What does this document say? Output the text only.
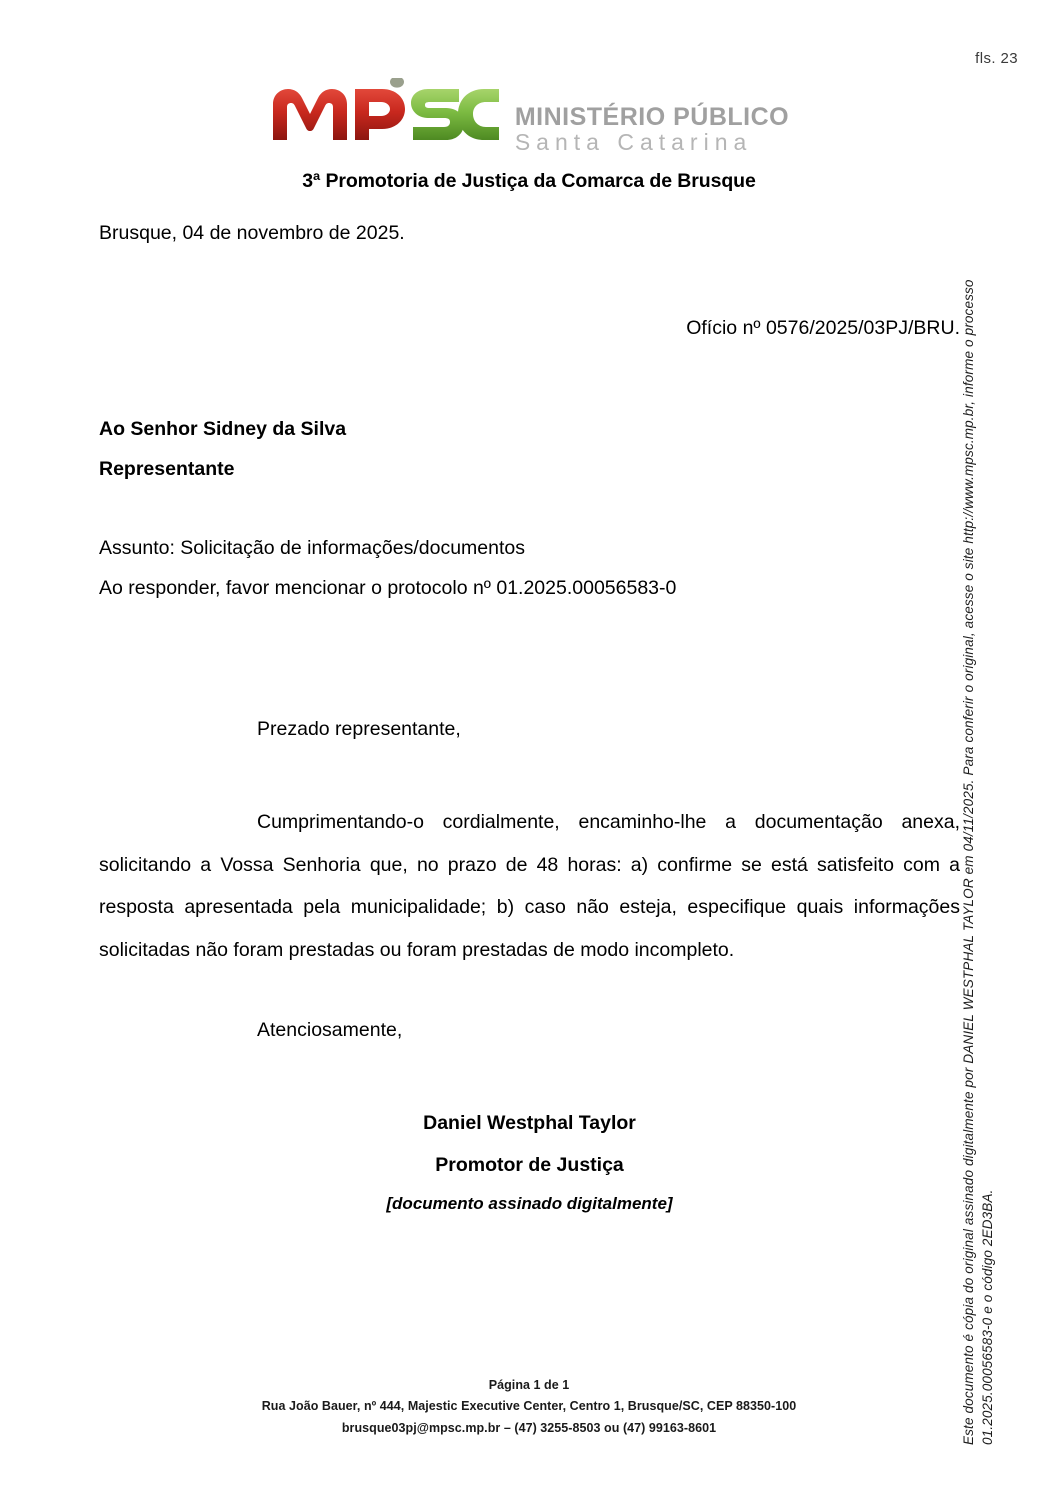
fls. 23
MINISTÉRIO PÚBLICO
Santa Catarina
3ª Promotoria de Justiça da Comarca de Brusque
Brusque, 04 de novembro de 2025.
Ofício nº 0576/2025/03PJ/BRU.
Ao Senhor Sidney da Silva
Representante
Assunto: Solicitação de informações/documentos
Ao responder, favor mencionar o protocolo nº 01.2025.00056583-0
Prezado representante,

Cumprimentando-o cordialmente, encaminho-lhe a documentação anexa, solicitando a Vossa Senhoria que, no prazo de 48 horas: a) confirme se está satisfeito com a resposta apresentada pela municipalidade; b) caso não esteja, especifique quais informações solicitadas não foram prestadas ou foram prestadas de modo incompleto.

Atenciosamente,
Daniel Westphal Taylor
Promotor de Justiça
[documento assinado digitalmente]
Página 1 de 1
Rua João Bauer, nº 444, Majestic Executive Center, Centro 1, Brusque/SC, CEP 88350-100
brusque03pj@mpsc.mp.br – (47) 3255-8503 ou (47) 99163-8601	Este documento é cópia do original assinado digitalmente por DANIEL WESTPHAL TAYLOR em 04/11/2025. Para conferir o original, acesse o site http://www.mpsc.mp.br, informe o processo 01.2025.00056583-0 e o código 2ED3BA.
